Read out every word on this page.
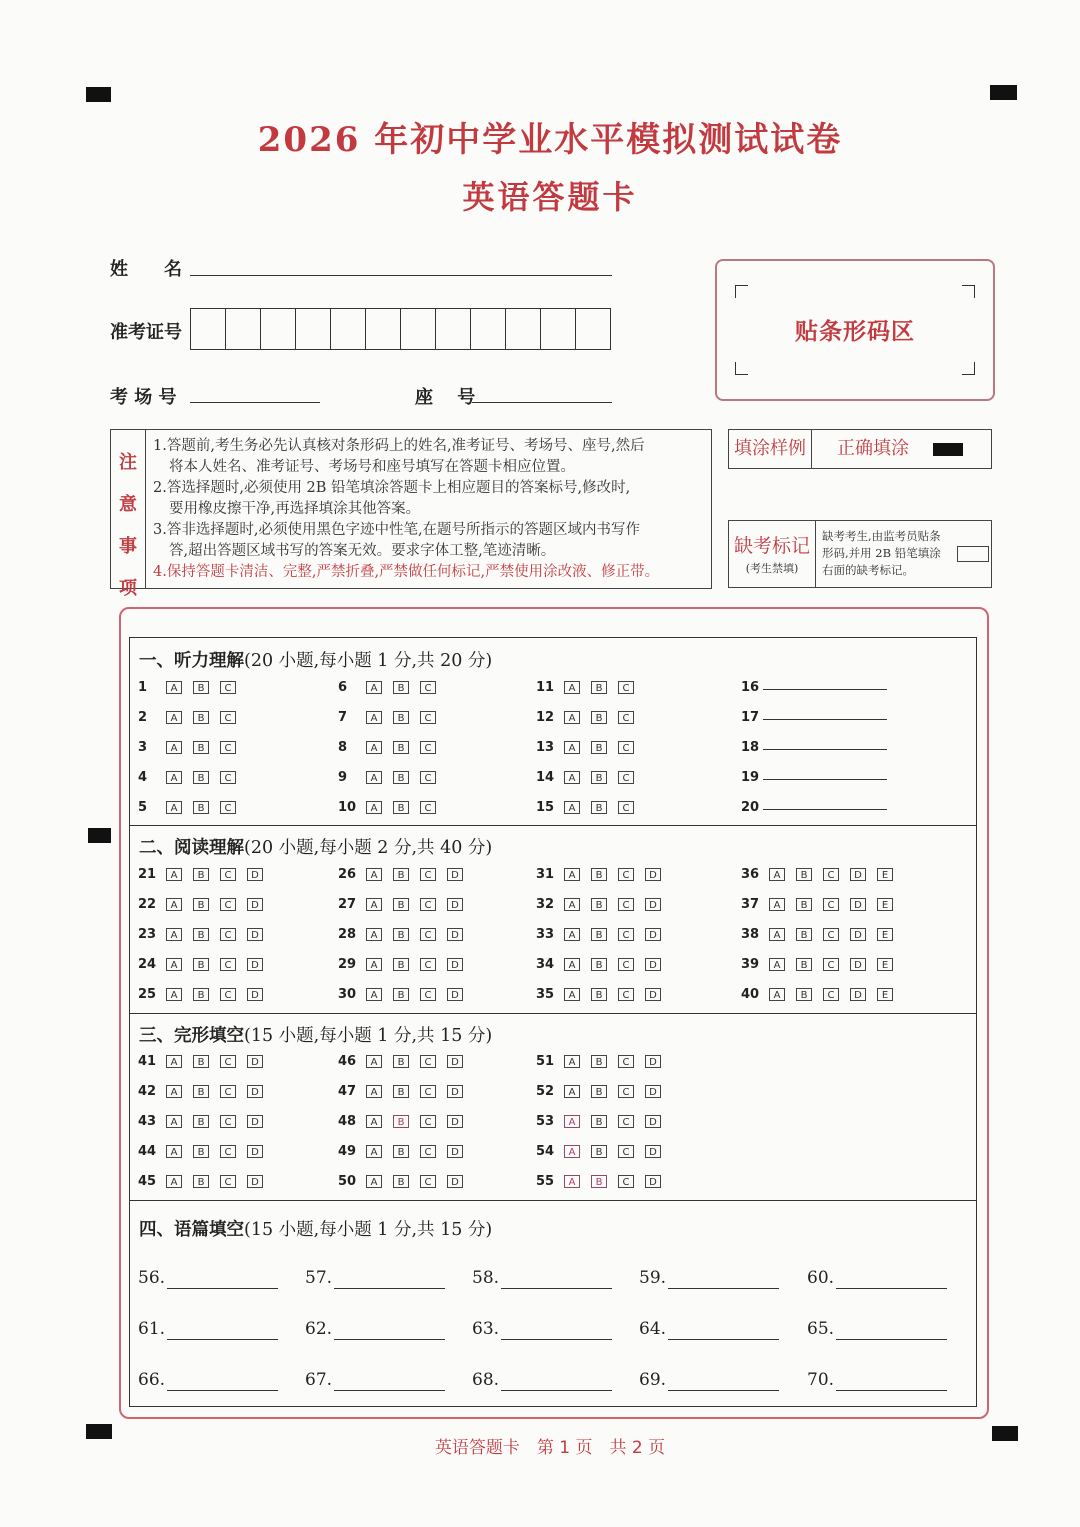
2026 年初中学业水平模拟测试试卷
英语答题卡
姓　　名
准考证号
考 场 号	座　 号
贴条形码区
注
意
事
项

1.答题前,考生务必先认真核对条形码上的姓名,准考证号、考场号、座号,然后

将本人姓名、准考证号、考场号和座号填写在答题卡相应位置。

2.答选择题时,必须使用 2B 铅笔填涂答题卡上相应题目的答案标号,修改时,

要用橡皮擦干净,再选择填涂其他答案。

3.答非选择题时,必须使用黑色字迹中性笔,在题号所指示的答题区域内书写作

答,超出答题区域书写的答案无效。要求字体工整,笔迹清晰。

4.保持答题卡清洁、完整,严禁折叠,严禁做任何标记,严禁使用涂改液、修正带。

填涂样例	正确填涂
缺考标记
(考生禁填)
缺考考生,由监考员贴条形码,并用 2B 铅笔填涂右面的缺考标记。
一、听力理解(20 小题,每小题 1 分,共 20 分)
二、阅读理解(20 小题,每小题 2 分,共 40 分)
三、完形填空(15 小题,每小题 1 分,共 15 分)
四、语篇填空(15 小题,每小题 1 分,共 15 分)
1	A	B	C
2	A	B	C
3	A	B	C
4	A	B	C
5	A	B	C
6	A	B	C
7	A	B	C
8	A	B	C
9	A	B	C
10	A	B	C
11	A	B	C
12	A	B	C
13	A	B	C
14	A	B	C
15	A	B	C
16
17
18
19
20
21	A	B	C	D
22	A	B	C	D
23	A	B	C	D
24	A	B	C	D
25	A	B	C	D
26	A	B	C	D
27	A	B	C	D
28	A	B	C	D
29	A	B	C	D
30	A	B	C	D
31	A	B	C	D
32	A	B	C	D
33	A	B	C	D
34	A	B	C	D
35	A	B	C	D
36	A	B	C	D	E
37	A	B	C	D	E
38	A	B	C	D	E
39	A	B	C	D	E
40	A	B	C	D	E
41	A	B	C	D
42	A	B	C	D
43	A	B	C	D
44	A	B	C	D
45	A	B	C	D
46	A	B	C	D
47	A	B	C	D
48	A	B	C	D
49	A	B	C	D
50	A	B	C	D
51	A	B	C	D
52	A	B	C	D
53	A	B	C	D
54	A	B	C	D
55	A	B	C	D
56.	57.	58.	59.	60.
61.	62.	63.	64.	65.
66.	67.	68.	69.	70.
英语答题卡　第 1 页　共 2 页
